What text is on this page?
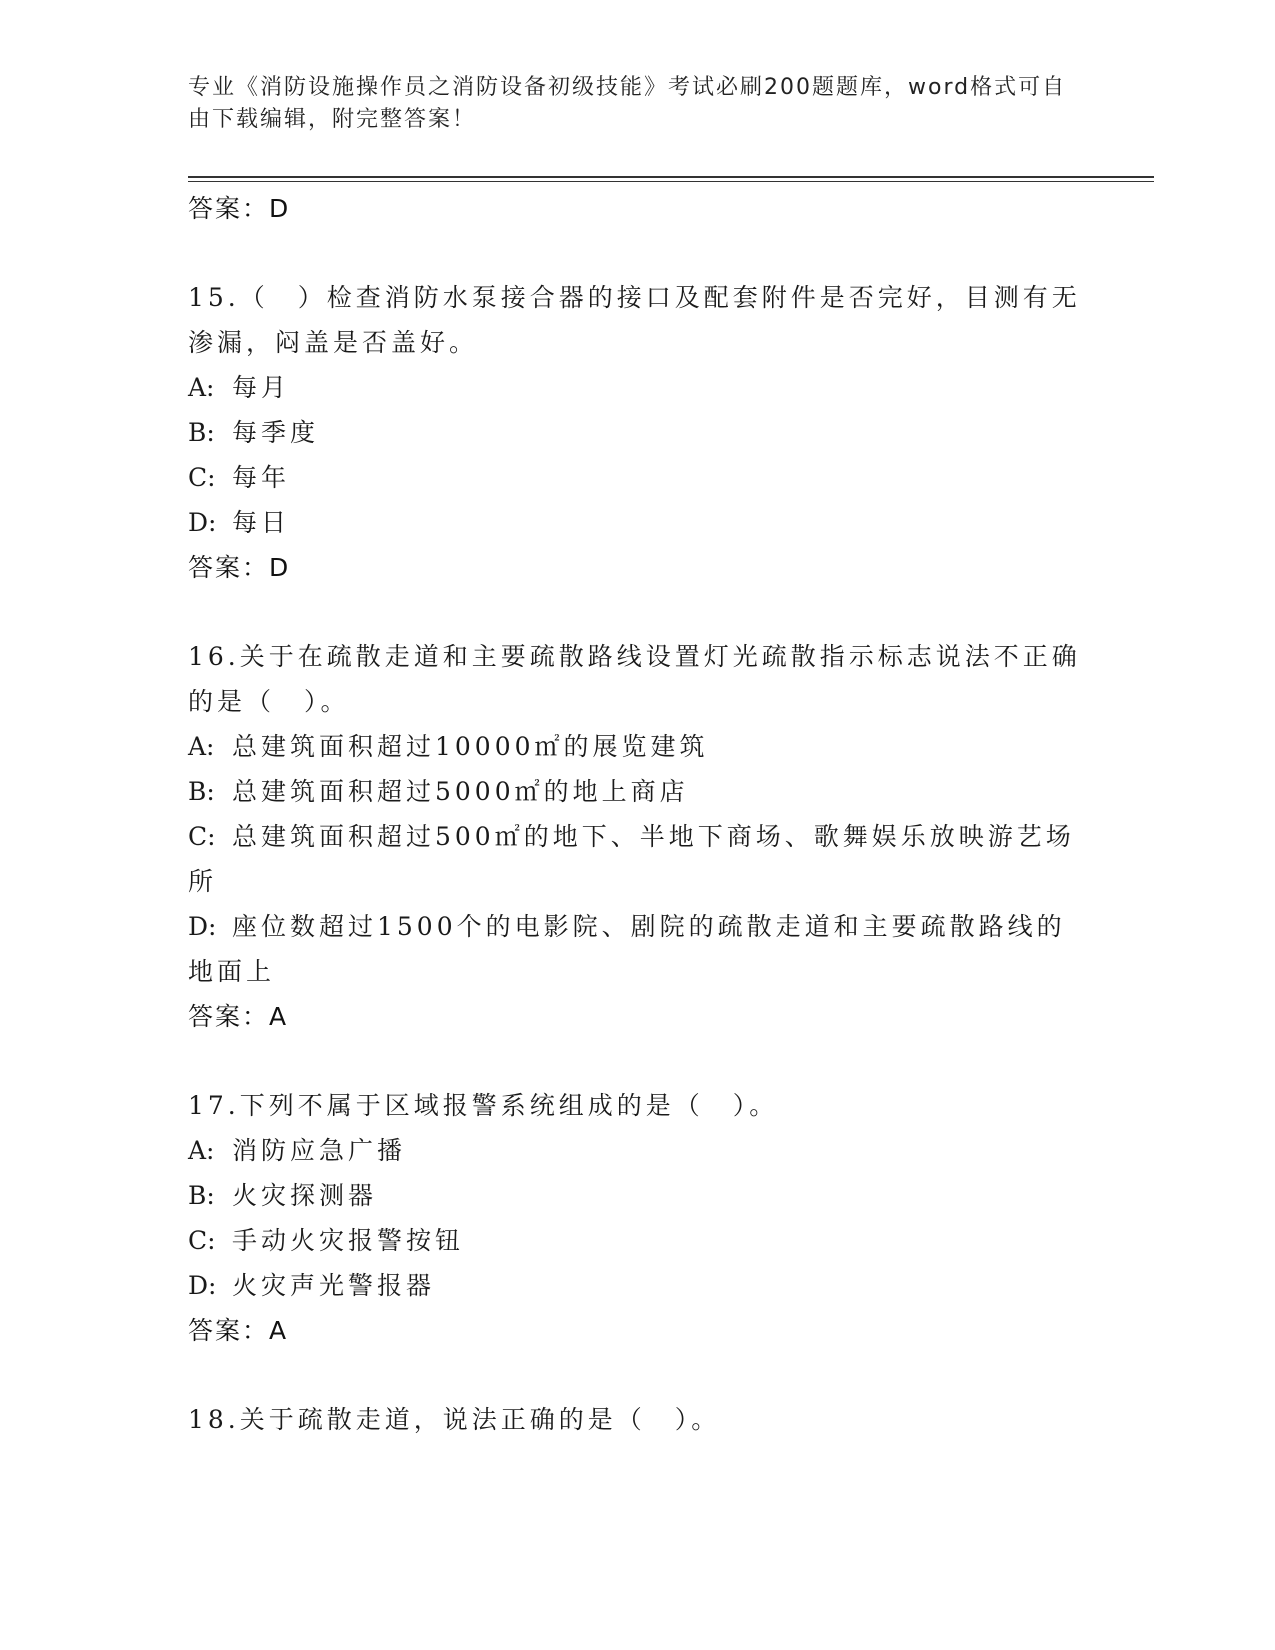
专业《消防设施操作员之消防设备初级技能》考试必刷200题题库，word格式可自由下载编辑，附完整答案！

答案：D

15.（　）检查消防水泵接合器的接口及配套附件是否完好，目测有无渗漏，闷盖是否盖好。

A: 每月

B: 每季度

C: 每年

D: 每日

答案：D

16.关于在疏散走道和主要疏散路线设置灯光疏散指示标志说法不正确的是（　）。

A: 总建筑面积超过10000㎡的展览建筑

B: 总建筑面积超过5000㎡的地上商店

C: 总建筑面积超过500㎡的地下、半地下商场、歌舞娱乐放映游艺场所

D: 座位数超过1500个的电影院、剧院的疏散走道和主要疏散路线的地面上

答案：A

17.下列不属于区域报警系统组成的是（　）。

A: 消防应急广播

B: 火灾探测器

C: 手动火灾报警按钮

D: 火灾声光警报器

答案：A

18.关于疏散走道，说法正确的是（　）。
